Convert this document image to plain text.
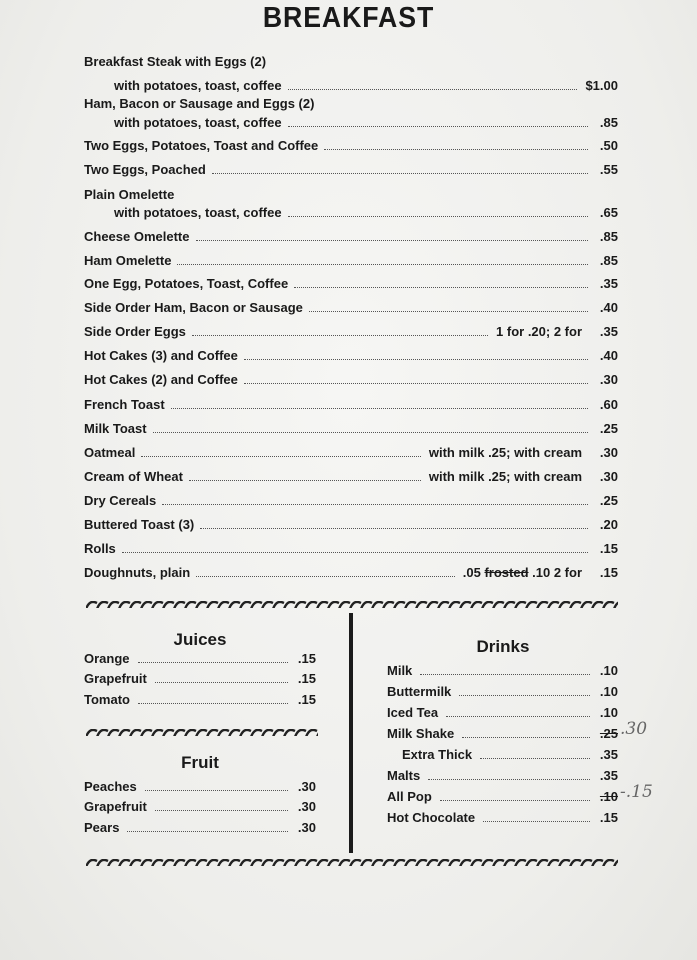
BREAKFAST
Breakfast Steak with Eggs (2)
with potatoes, toast, coffee	$1.00
Ham, Bacon or Sausage and Eggs (2)
with potatoes, toast, coffee	.85
Two Eggs, Potatoes, Toast and Coffee	.50
Two Eggs, Poached	.55
Plain Omelette
with potatoes, toast, coffee	.65
Cheese Omelette	.85
Ham Omelette	.85
One Egg, Potatoes, Toast, Coffee	.35
Side Order Ham, Bacon or Sausage	.40
Side Order Eggs	1 for .20; 2 for	.35
Hot Cakes (3) and Coffee	.40
Hot Cakes (2) and Coffee	.30
French Toast	.60
Milk Toast	.25
Oatmeal	with milk .25; with cream	.30
Cream of Wheat	with milk .25; with cream	.30
Dry Cereals	.25
Buttered Toast (3)	.20
Rolls	.15
Doughnuts, plain	.05 frosted .10 2 for	.15
Juices
Orange	.15
Grapefruit	.15
Tomato	.15
Fruit
Peaches	.30
Grapefruit	.30
Pears	.30
Drinks
Milk	.10
Buttermilk	.10
Iced Tea	.10
Milk Shake	.25 .30
Extra Thick	.35
Malts	.35
All Pop	.10 -.15
Hot Chocolate	.15
